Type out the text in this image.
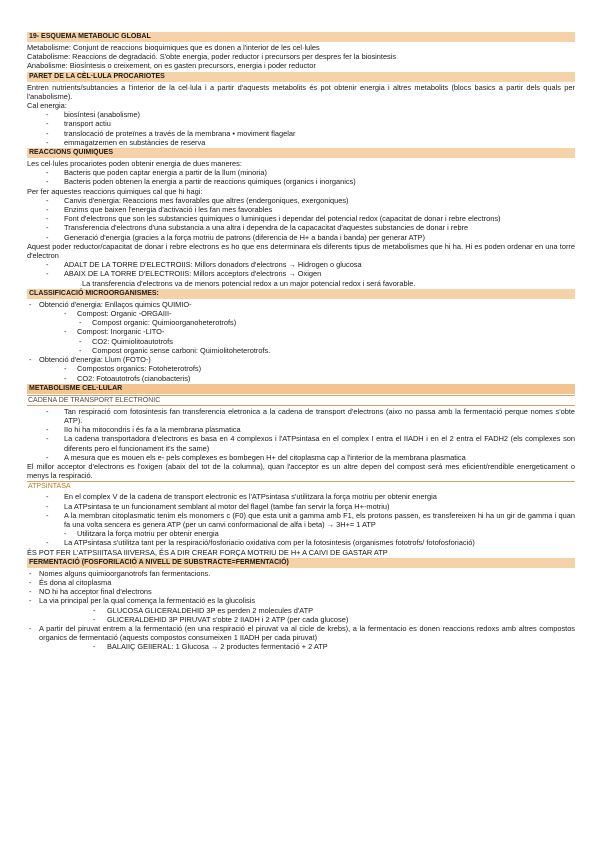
19- ESQUEMA METABOLIC GLOBAL

Metabolisme: Conjunt de reaccions bioquimiques que es donen a l'interior de les cel·lules

Catabolisme: Reaccions de degradació. S'obte energia, poder reductor i precursors per despres fer la biosintesis

Anabolisme: Biosíntesis o creixement, on es gasten precursors, energia i poder reductor

PARET DE LA CÈL·LULA PROCARIOTES

Entren nutrients/subtancies a l'interior de la cel·lula i a partir d'aquests metabolits és pot obtenir energia i altres metabolits (blocs basics a partir dels quals per l'anabolisme).

Cal energia:

- biosíntesi (anabolisme)
- transport actiu
- translocació de proteïnes a través de la membrana • moviment flagelar
- emmagatzemen en substàncies de reserva
REACCIONS QUIMIQUES

Les cel·lules procariotes poden obtenir energia de dues maneres:

- Bacteris que poden captar energia a partir de la llum (minoria)
- Bacteris poden obtenen la energia a partir de reaccions quimiques (organics i inorganics)

Per fer aquestes reaccions quimiques cal que hi hagi:

- Canvis d'energia: Reaccions mes favorables que altres (endergoniques, exergoniques)
- Enzims que baixen l'energia d'activació i les fan mes favorables
- Font d'electrons que son les substancies quimiques o luminiques i dependar del potencial redox (capacitat de donar i rebre electrons)
- Transferencia d'electrons d'una substancia a una altra i dependra de la capacacitat d'aquestes substancies de donar i rebre
- Generació d'energia (gracies a la força motriu de patrons (diferencia de H+ a banda i banda) per generar ATP)

Aquest poder reductor/capacitat de donar i rebre electrons es ho que ens determinara els diferents tipus de metabolismes que hi ha. Hi es poden ordenar en una torre d'electron

- ADALT DE LA TORRE D'ELECTROIIS: Millors donadors d'electrons → Hidrogen o glucosa
- ABAIX DE LA TORRE D'ELECTROIIS: Millors acceptors d'electrons → Oxigen

La transferencia d'electrons va de menors potencial redox a un major potencial redox i será favorable.

CLASSIFICACIÓ MICROORGANISMES:
- Obtenció d'energia: Enllaços quimics QUIMIO-
- Compost: Organic -ORGAIII-
- Compost organic: Quimioorganoheterotrofs)
- Compost: Inorganic -LITO-
- CO2: Quimiolitoautotrofs
- Compost organic sense carboni: Quimiolitoheterotrofs.
- Obtenció d'energia: Llum (FOTO-)
- Compostos organics: Fotoheterotrofs)
- CO2: Fotoautotrofs (cianobacteris)
METABOLISME CEL·LULAR
CADENA DE TRANSPORT ELECTRONIC
- Tan respiració com fotosintesis fan transferencia eletronica a la cadena de transport d'electrons (aixo no passa amb la fermentació perque nomes s'obte ATP).
- IIo hi ha mitocondris i és fa a la membrana plasmatica
- La cadena transportadora d'electrons es basa en 4 complexos i l'ATPsintasa en el complex I entra el IIADH i en el 2 entra el FADH2 (els complexes son diferents pero el funcionament it's the same)
- A mesura que es mouen els e- pels complexes es bombegen H+ del citoplasma cap a l'interior de la membrana plasmatica

El millor acceptor d'electrons es l'oxigen (abaix del tot de la columna), quan l'acceptor es un altre depen del compost será mes eficient/rendible energeticament o menys la respiració.

ATPSINTASA
- En el complex V de la cadena de transport electronic es l'ATPsintasa s'utilitzara la força motriu per obtenir energia
- La ATPsintasa te un funcionament semblant al motor del flagel (tambe fan servir la força H+-motriu)
- A la membran citoplasmatic tenim els monomers c (F0) que esta unit a gamma amb F1, els protons passen, es transfereixen hi ha un gir de gamma i quan fa una volta sencera es genera ATP (per un canvi conformacional de alfa i beta) → 3H+= 1 ATP
- Utilitzara la força motriu per obtenir energia
- La ATPsintasa s'utilitza tant per la respiració/fosforiacio oxidativa com per la fotosintesis (organismes fototrofs/ fotofosforiació)

ÉS POT FER L'ATPSIIITASA IIIVERSA, ÉS A DIR CREAR FORÇA MOTRIU DE H+ A CAIVI DE GASTAR ATP

FERMENTACIÓ (FOSFORILACIÓ A NIVELL DE SUBSTRACTE=FERMENTACIÓ)
- Nomes alguns quimioorganotrofs fan fermentacions.
- És dona al citoplasma
- NO hi ha acceptor final d'electrons
- La via principal per la qual comença la fermentació es la glucolisis
- GLUCOSA GLICERALDEHID 3P es perden 2 molecules d'ATP
- GLICERALDEHID 3P PIRUVAT s'obte 2 IIADH i 2 ATP (per cada glucose)
- A partir del piruvat entrem a la fermentació (en una respiració el piruvat va al cicle de krebs), a la fermentacio es donen reaccions redoxs amb altres compostos organics de fermentació (aquests compostos consumeixen 1 IIADH per cada piruvat)
- BALAIIÇ GEIIERAL: 1 Glucosa → 2 productes fermentació + 2 ATP
